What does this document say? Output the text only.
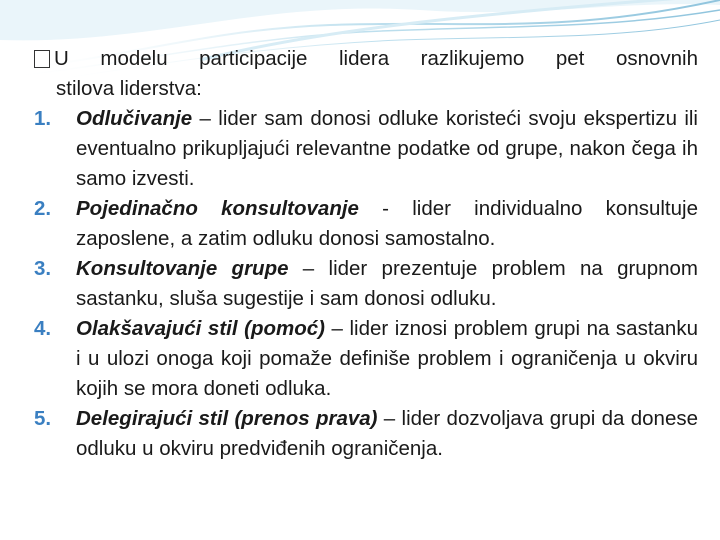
U modelu participacije lidera razlikujemo pet osnovnih
stilova liderstva:
1. Odlučivanje – lider sam donosi odluke koristeći svoju ekspertizu ili eventualno prikupljajući relevantne podatke od grupe, nakon čega ih samo izvesti.
2. Pojedinačno konsultovanje - lider individualno konsultuje zaposlene, a zatim odluku donosi samostalno.
3. Konsultovanje grupe – lider prezentuje problem na grupnom sastanku, sluša sugestije i sam donosi odluku.
4. Olakšavajući stil (pomoć) – lider iznosi problem grupi na sastanku i u ulozi onoga koji pomaže definiše problem i ograničenja u okviru kojih se mora doneti odluka.
5. Delegirajući stil (prenos prava) – lider dozvoljava grupi da donese odluku u okviru predviđenih ograničenja.
